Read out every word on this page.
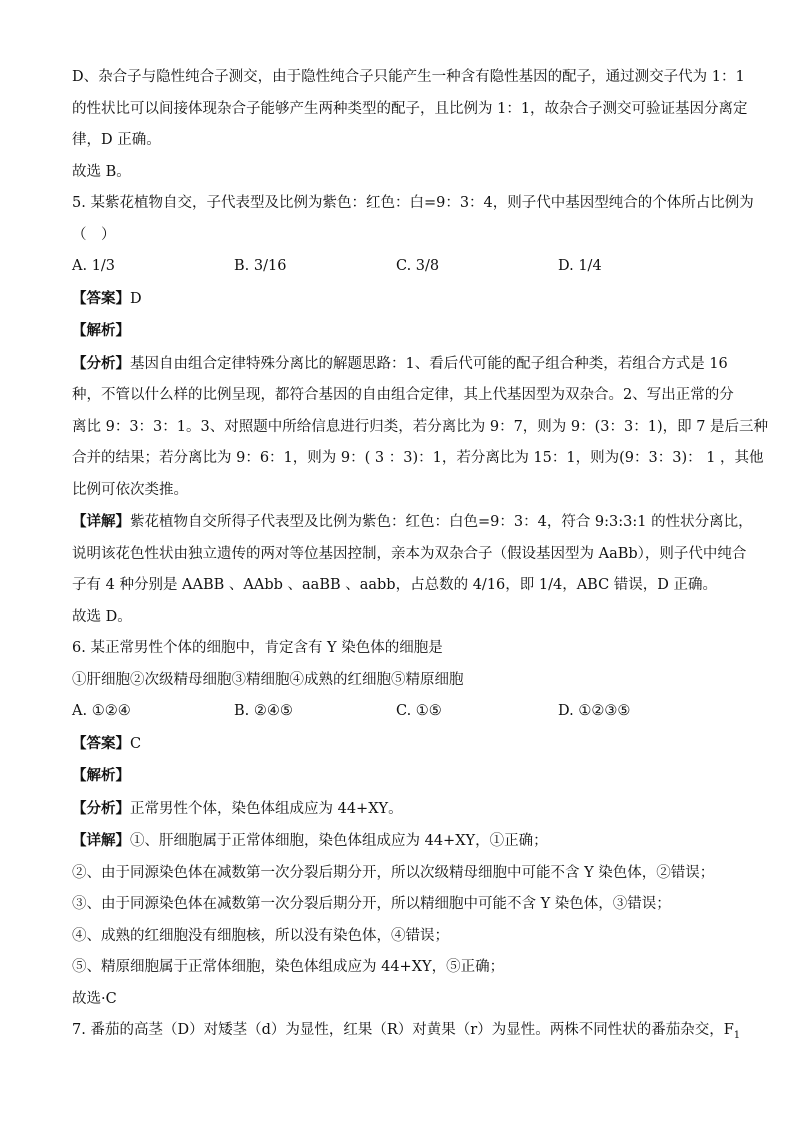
D、杂合子与隐性纯合子测交，由于隐性纯合子只能产生一种含有隐性基因的配子，通过测交子代为 1：1

的性状比可以间接体现杂合子能够产生两种类型的配子，且比例为 1：1，故杂合子测交可验证基因分离定

律，D 正确。

故选 B。

5. 某紫花植物自交，子代表型及比例为紫色：红色：白=9：3：4，则子代中基因型纯合的个体所占比例为

（　）

A. 1/3	B. 3/16	C. 3/8	D. 1/4

【答案】D

【解析】

【分析】基因自由组合定律特殊分离比的解题思路：1、看后代可能的配子组合种类，若组合方式是 16

种，不管以什么样的比例呈现，都符合基因的自由组合定律，其上代基因型为双杂合。2、写出正常的分

离比 9：3：3：1。3、对照题中所给信息进行归类，若分离比为 9：7，则为 9：(3：3：1)，即 7 是后三种

合并的结果；若分离比为 9：6：1，则为 9：( 3 ：3)：1，若分离比为 15：1，则为(9：3：3)： 1 ，其他

比例可依次类推。

【详解】紫花植物自交所得子代表型及比例为紫色：红色：白色=9：3：4，符合 9:3:3:1 的性状分离比，

说明该花色性状由独立遗传的两对等位基因控制，亲本为双杂合子（假设基因型为 AaBb），则子代中纯合

子有 4 种分别是 AABB 、AAbb 、aaBB 、aabb，占总数的 4/16，即 1/4，ABC 错误，D 正确。

故选 D。

6. 某正常男性个体的细胞中，肯定含有 Y 染色体的细胞是

①肝细胞②次级精母细胞③精细胞④成熟的红细胞⑤精原细胞

A. ①②④	B. ②④⑤	C. ①⑤	D. ①②③⑤

【答案】C

【解析】

【分析】正常男性个体，染色体组成应为 44+XY。

【详解】①、肝细胞属于正常体细胞，染色体组成应为 44+XY，①正确；

②、由于同源染色体在减数第一次分裂后期分开，所以次级精母细胞中可能不含 Y 染色体，②错误；

③、由于同源染色体在减数第一次分裂后期分开，所以精细胞中可能不含 Y 染色体，③错误；

④、成熟的红细胞没有细胞核，所以没有染色体，④错误；

⑤、精原细胞属于正常体细胞，染色体组成应为 44+XY，⑤正确；

故选·C

7. 番茄的高茎（D）对矮茎（d）为显性，红果（R）对黄果（r）为显性。两株不同性状的番茄杂交，$F_1$
